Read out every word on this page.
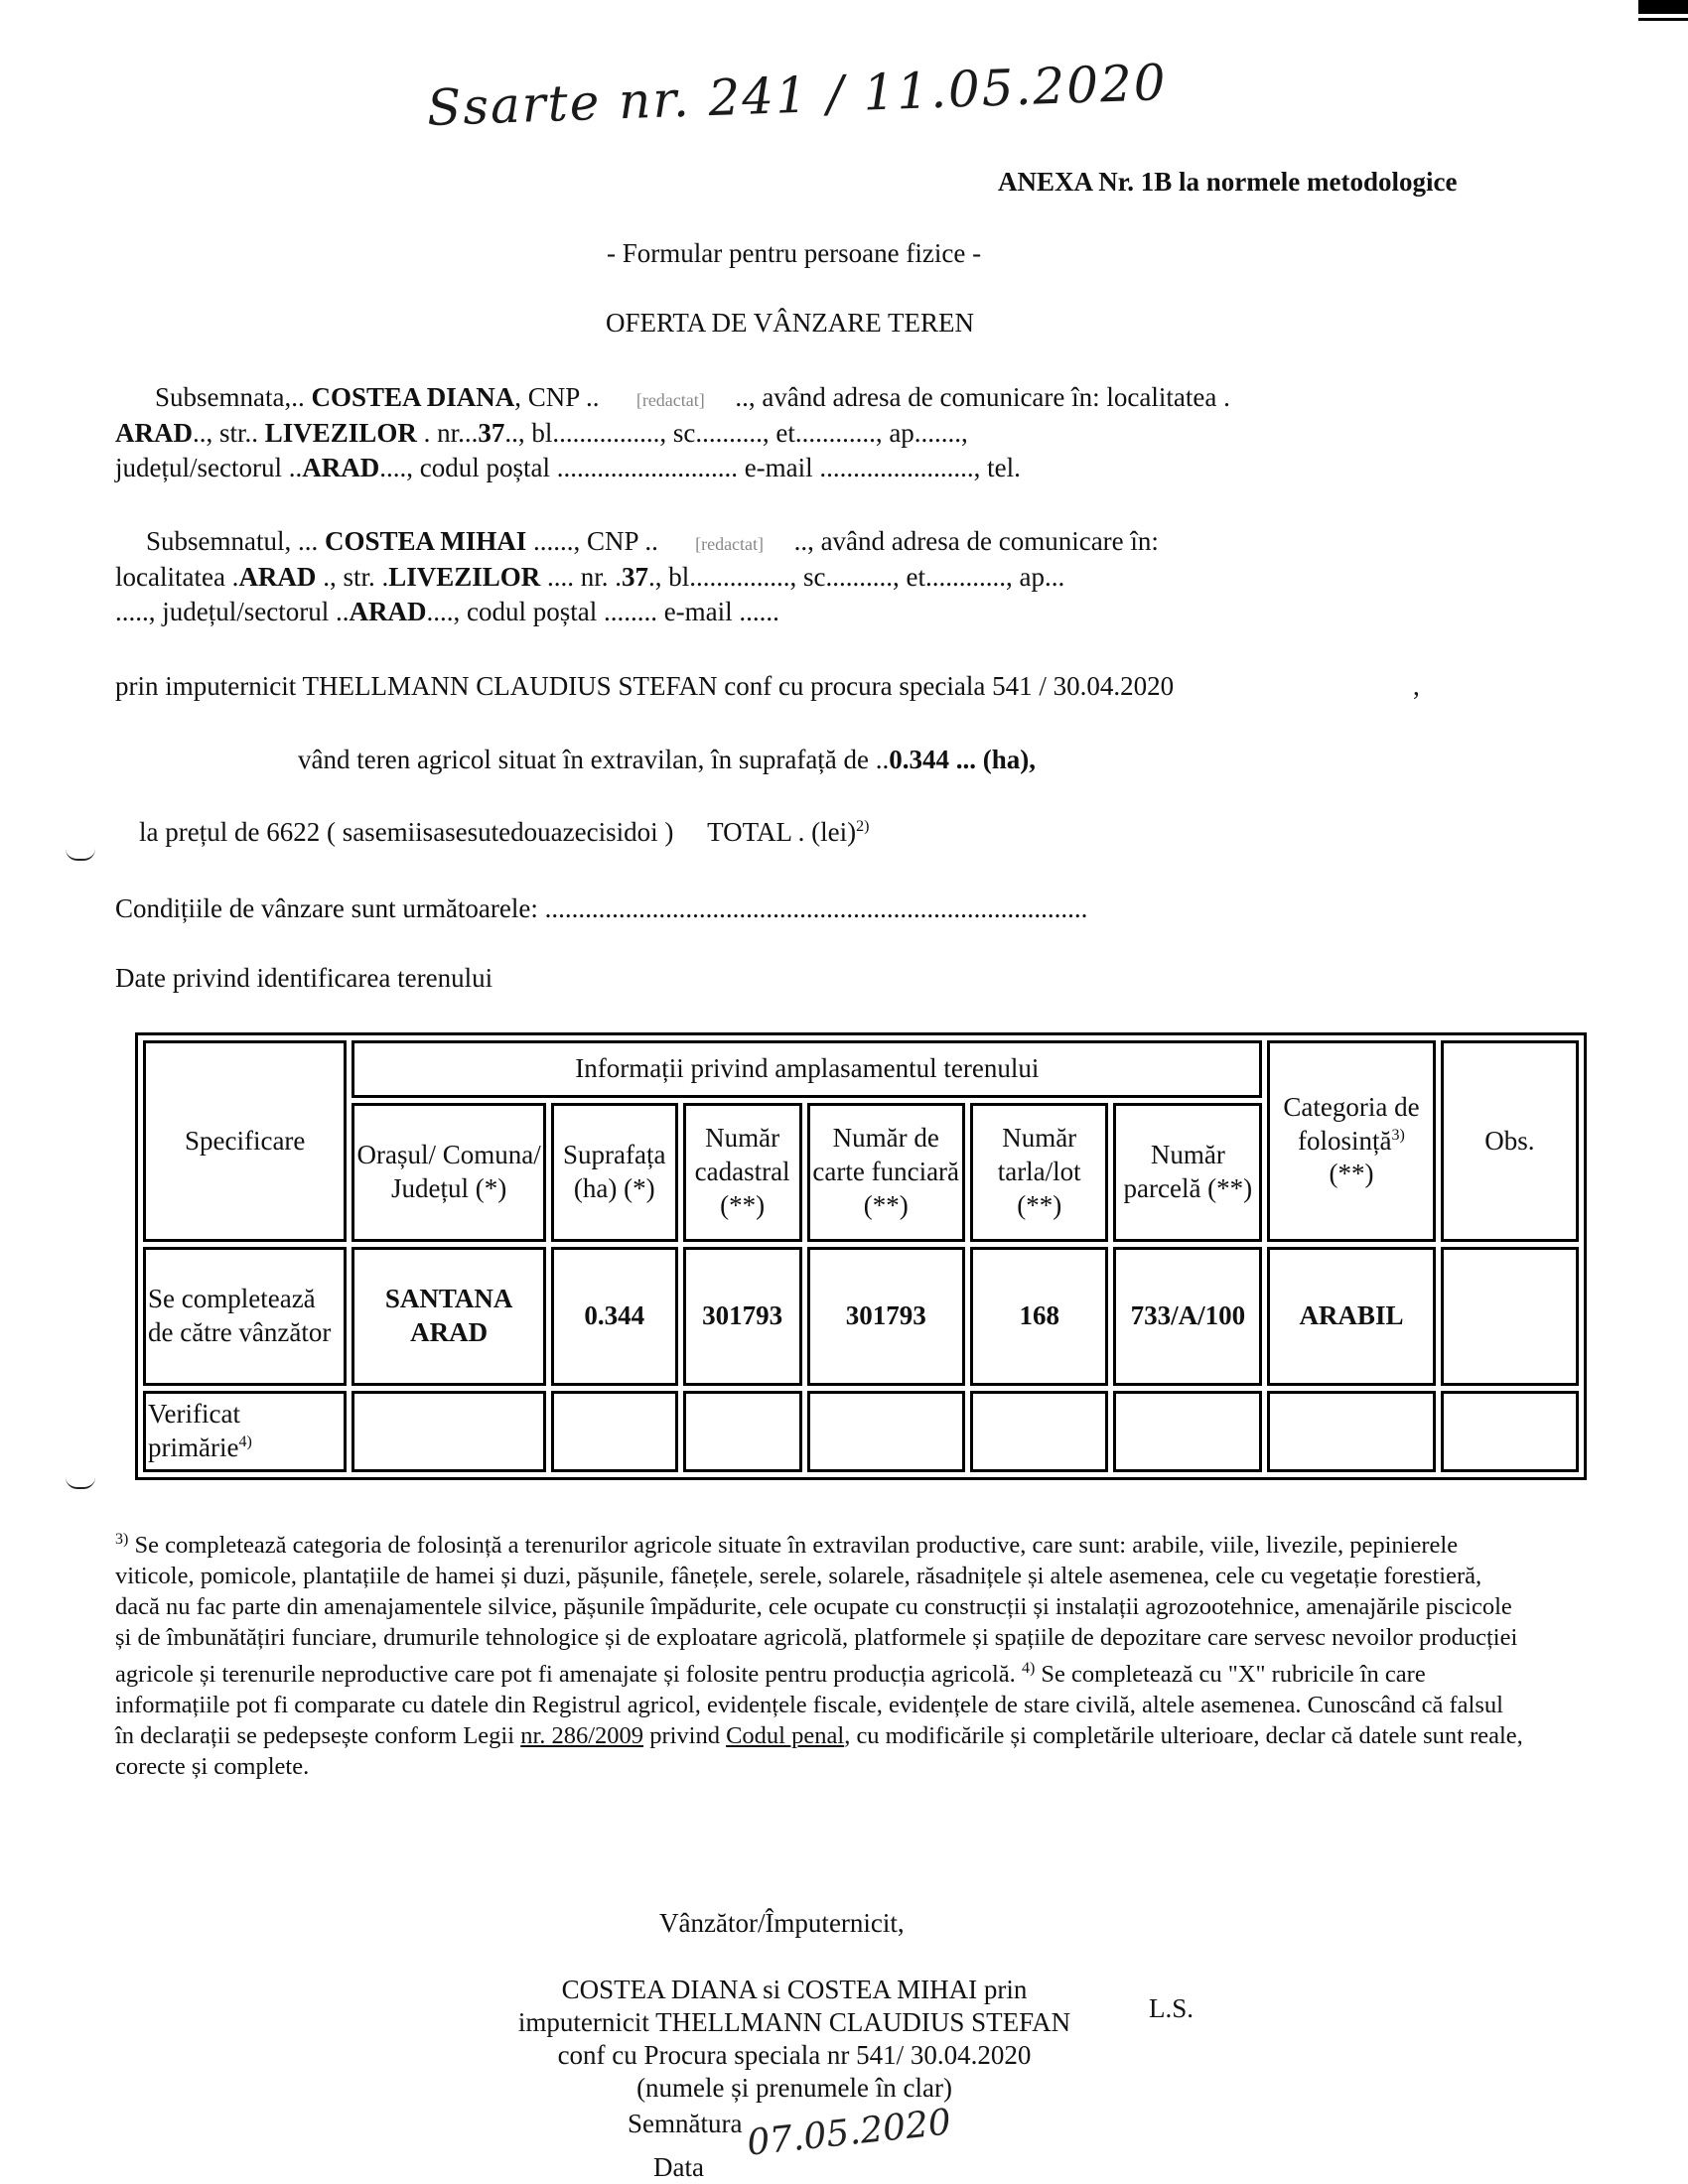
Ssarte nr. 241 / 11.05.2020
ANEXA Nr. 1B la normele metodologice
- Formular pentru persoane fizice -
OFERTA DE VÂNZARE TEREN
Subsemnata,.. COSTEA DIANA, CNP .. [redactat] .., având adresa de comunicare în: localitatea .
ARAD.., str.. LIVEZILOR . nr...37.., bl................, sc.........., et............, ap.......,
județul/sectorul ..ARAD...., codul poștal ........................... e-mail ......................., tel.
Subsemnatul, ... COSTEA MIHAI ......, CNP .. [redactat] .., având adresa de comunicare în:
localitatea .ARAD ., str. .LIVEZILOR .... nr. .37., bl..............., sc.........., et............, ap...
....., județul/sectorul ..ARAD...., codul poștal ........ e-mail ......
prin imputernicit THELLMANN CLAUDIUS STEFAN conf cu procura speciala 541 / 30.04.2020	,
vând teren agricol situat în extravilan, în suprafață de ..0.344 ... (ha),
la prețul de 6622 ( sasemiisasesutedouazecisidoi ) TOTAL . (lei)$^{2)}$
Condițiile de vânzare sunt următoarele: .................................................................................
Date privind identificarea terenului
Specificare	Informații privind amplasamentul terenului						Categoria de folosință$^{3)}$ (**)	Obs.
	Orașul/ Comuna/ Județul (*)	Suprafața (ha) (*)	Număr cadastral (**)	Număr de carte funciară (**)	Număr tarla/lot (**)	Număr parcelă (**)		
Se completează de către vânzător	SANTANA ARAD	0.344	301793	301793	168	733/A/100	ARABIL	
Verificat primărie$^{4)}$								
$^{3)}$ Se completează categoria de folosință a terenurilor agricole situate în extravilan productive, care sunt: arabile, viile, livezile, pepinierele viticole, pomicole, plantațiile de hamei și duzi, pășunile, fânețele, serele, solarele, răsadnițele și altele asemenea, cele cu vegetație forestieră, dacă nu fac parte din amenajamentele silvice, pășunile împădurite, cele ocupate cu construcții și instalații agrozootehnice, amenajările piscicole și de îmbunătățiri funciare, drumurile tehnologice și de exploatare agricolă, platformele și spațiile de depozitare care servesc nevoilor producției agricole și terenurile neproductive care pot fi amenajate și folosite pentru producția agricolă. $^{4)}$ Se completează cu "X" rubricile în care informațiile pot fi comparate cu datele din Registrul agricol, evidențele fiscale, evidențele de stare civilă, altele asemenea. Cunoscând că falsul în declarații se pedepsește conform Legii nr. 286/2009 privind Codul penal, cu modificările și completările ulterioare, declar că datele sunt reale, corecte și complete.
Vânzător/Împuternicit,
COSTEA DIANA si COSTEA MIHAI prin
imputernicit THELLMANN CLAUDIUS STEFAN
conf cu Procura speciala nr 541/ 30.04.2020
(numele și prenumele în clar)
L.S.
Semnătura
Data
07.05.2020
